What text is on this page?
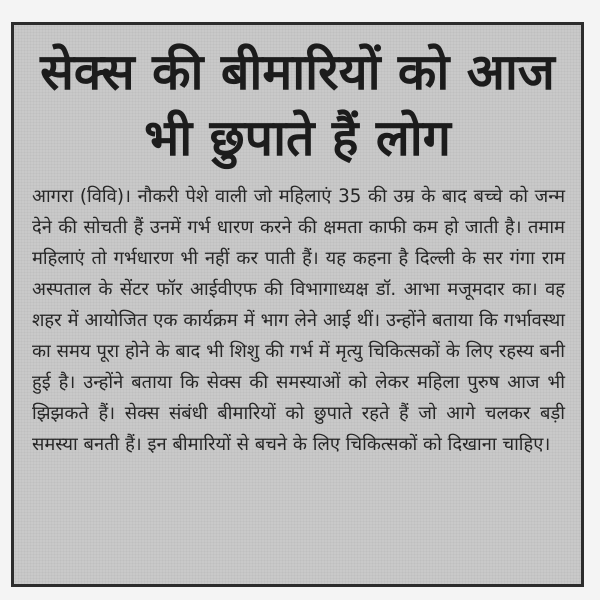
सेक्स की बीमारियों को आज भी छुपाते हैं लोग

आगरा (विवि)। नौकरी पेशे वाली जो महिलाएं 35 की उम्र के बाद बच्चे को जन्म देने की सोचती हैं उनमें गर्भ धारण करने की क्षमता काफी कम हो जाती है। तमाम महिलाएं तो गर्भधारण भी नहीं कर पाती हैं। यह कहना है दिल्ली के सर गंगा राम अस्पताल के सेंटर फॉर आईवीएफ की विभागाध्यक्ष डॉ. आभा मजूमदार का। वह शहर में आयोजित एक कार्यक्रम में भाग लेने आई थीं। उन्होंने बताया कि गर्भावस्था का समय पूरा होने के बाद भी शिशु की गर्भ में मृत्यु चिकित्सकों के लिए रहस्य बनी हुई है। उन्होंने बताया कि सेक्स की समस्याओं को लेकर महिला पुरुष आज भी झिझकते हैं। सेक्स संबंधी बीमारियों को छुपाते रहते हैं जो आगे चलकर बड़ी समस्या बनती हैं। इन बीमारियों से बचने के लिए चिकित्सकों को दिखाना चाहिए।
